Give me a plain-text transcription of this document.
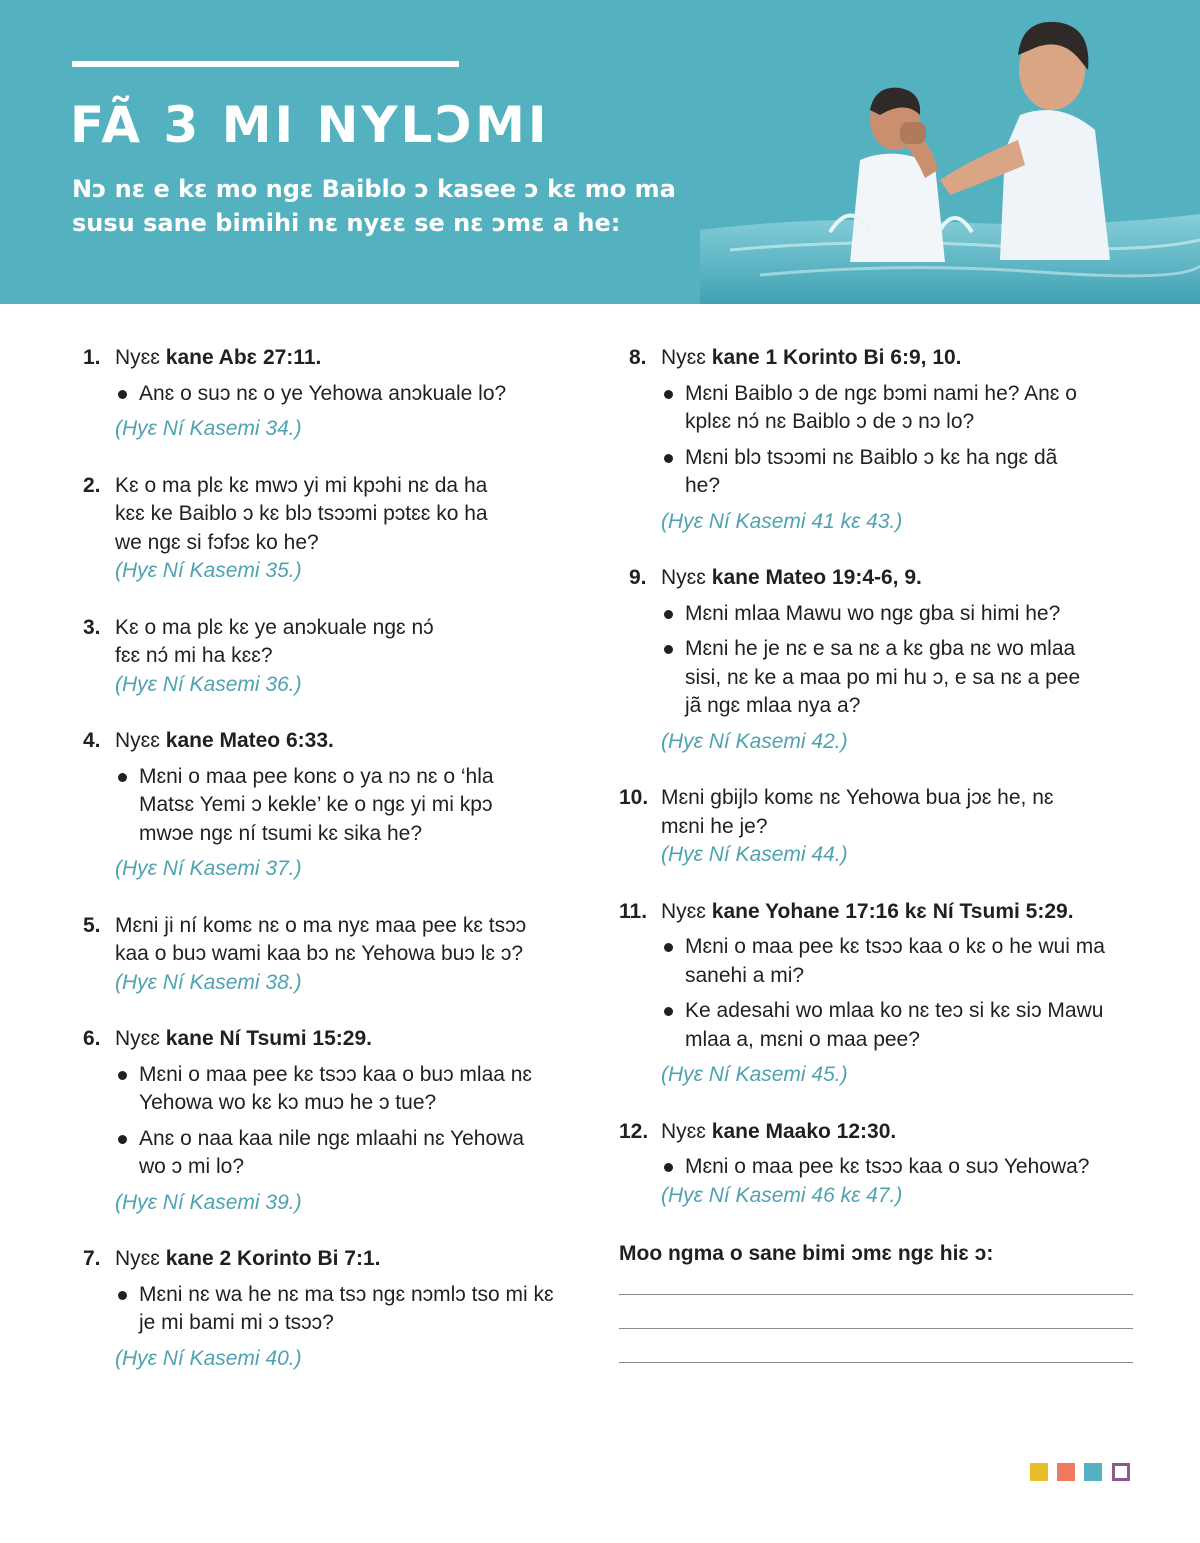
FÃ 3 MI NYLƆMI

Nɔ nɛ e kɛ mo ngɛ Baiblo ɔ kasee ɔ kɛ mo ma susu sane bimihi nɛ nyɛɛ se nɛ ɔmɛ a he:

1. Nyɛɛ kane Abɛ 27:11.
Anɛ o suɔ nɛ o ye Yehowa anɔkuale lo?
(Hyɛ Ní Kasemi 34.)
2. Kɛ o ma plɛ kɛ mwɔ yi mi kpɔhi nɛ da ha kɛɛ ke Baiblo ɔ kɛ blɔ tsɔɔmi pɔtɛɛ ko ha we ngɛ si fɔfɔɛ ko he?
(Hyɛ Ní Kasemi 35.)
3. Kɛ o ma plɛ kɛ ye anɔkuale ngɛ nɔ́ fɛɛ nɔ́ mi ha kɛɛ?
(Hyɛ Ní Kasemi 36.)
4. Nyɛɛ kane Mateo 6:33.
Mɛni o maa pee konɛ o ya nɔ nɛ o ‘hla Matsɛ Yemi ɔ kekle’ ke o ngɛ yi mi kpɔ mwɔe ngɛ ní tsumi kɛ sika he?
(Hyɛ Ní Kasemi 37.)
5. Mɛni ji ní komɛ nɛ o ma nyɛ maa pee kɛ tsɔɔ kaa o buɔ wami kaa bɔ nɛ Yehowa buɔ lɛ ɔ?
(Hyɛ Ní Kasemi 38.)
6. Nyɛɛ kane Ní Tsumi 15:29.
Mɛni o maa pee kɛ tsɔɔ kaa o buɔ mlaa nɛ Yehowa wo kɛ kɔ muɔ he ɔ tue?
Anɛ o naa kaa nile ngɛ mlaahi nɛ Yehowa wo ɔ mi lo?
(Hyɛ Ní Kasemi 39.)
7. Nyɛɛ kane 2 Korinto Bi 7:1.
Mɛni nɛ wa he nɛ ma tsɔ ngɛ nɔmlɔ tso mi kɛ je mi bami mi ɔ tsɔɔ?
(Hyɛ Ní Kasemi 40.)
8. Nyɛɛ kane 1 Korinto Bi 6:9, 10.
Mɛni Baiblo ɔ de ngɛ bɔmi nami he? Anɛ o kplɛɛ nɔ́ nɛ Baiblo ɔ de ɔ nɔ lo?
Mɛni blɔ tsɔɔmi nɛ Baiblo ɔ kɛ ha ngɛ dã he?
(Hyɛ Ní Kasemi 41 kɛ 43.)
9. Nyɛɛ kane Mateo 19:4-6, 9.
Mɛni mlaa Mawu wo ngɛ gba si himi he?
Mɛni he je nɛ e sa nɛ a kɛ gba nɛ wo mlaa sisi, nɛ ke a maa po mi hu ɔ, e sa nɛ a pee jã ngɛ mlaa nya a?
(Hyɛ Ní Kasemi 42.)
10. Mɛni gbijlɔ komɛ nɛ Yehowa bua jɔɛ he, nɛ mɛni he je?
(Hyɛ Ní Kasemi 44.)
11. Nyɛɛ kane Yohane 17:16 kɛ Ní Tsumi 5:29.
Mɛni o maa pee kɛ tsɔɔ kaa o kɛ o he wui ma sanehi a mi?
Ke adesahi wo mlaa ko nɛ teɔ si kɛ siɔ Mawu mlaa a, mɛni o maa pee?
(Hyɛ Ní Kasemi 45.)
12. Nyɛɛ kane Maako 12:30.
Mɛni o maa pee kɛ tsɔɔ kaa o suɔ Yehowa?
(Hyɛ Ní Kasemi 46 kɛ 47.)
Moo ngma o sane bimi ɔmɛ ngɛ hiɛ ɔ:
